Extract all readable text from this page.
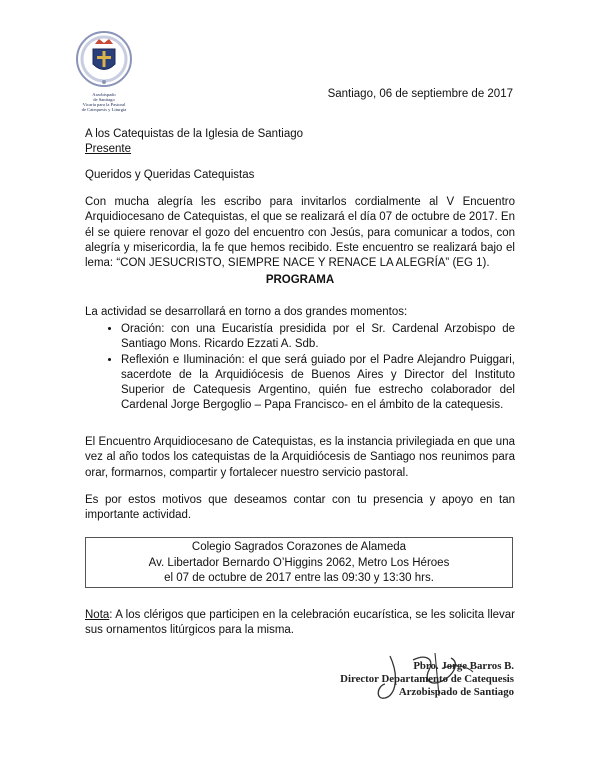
Arzobispado
de Santiago
Vicaría para la Pastoral
de Catequesis y Liturgia
Santiago, 06 de septiembre de 2017
A los Catequistas de la Iglesia de Santiago
Presente
Queridos y Queridas Catequistas

Con mucha alegría les escribo para invitarlos cordialmente al V Encuentro Arquidiocesano de Catequistas, el que se realizará el día 07 de octubre de 2017. En él se quiere renovar el gozo del encuentro con Jesús, para comunicar a todos, con alegría y misericordia, la fe que hemos recibido. Este encuentro se realizará bajo el lema: “CON JESUCRISTO, SIEMPRE NACE Y RENACE LA ALEGRÍA” (EG 1).

PROGRAMA

La actividad se desarrollará en torno a dos grandes momentos:

• Oración: con una Eucaristía presidida por el Sr. Cardenal Arzobispo de Santiago Mons. Ricardo Ezzati A. Sdb.
• Reflexión e Iluminación: el que será guiado por el Padre Alejandro Puiggari, sacerdote de la Arquidiócesis de Buenos Aires y Director del Instituto Superior de Catequesis Argentino, quién fue estrecho colaborador del Cardenal Jorge Bergoglio – Papa Francisco- en el ámbito de la catequesis.

El Encuentro Arquidiocesano de Catequistas, es la instancia privilegiada en que una vez al año todos los catequistas de la Arquidiócesis de Santiago nos reunimos para orar, formarnos, compartir y fortalecer nuestro servicio pastoral.

Es por estos motivos que deseamos contar con tu presencia y apoyo en tan importante actividad.

Colegio Sagrados Corazones de Alameda
Av. Libertador Bernardo O’Higgins 2062, Metro Los Héroes
el 07 de octubre de 2017 entre las 09:30 y 13:30 hrs.

Nota: A los clérigos que participen en la celebración eucarística, se les solicita llevar sus ornamentos litúrgicos para la misma.

Pbro. Jorge Barros B.
Director Departamento de Catequesis
Arzobispado de Santiago
